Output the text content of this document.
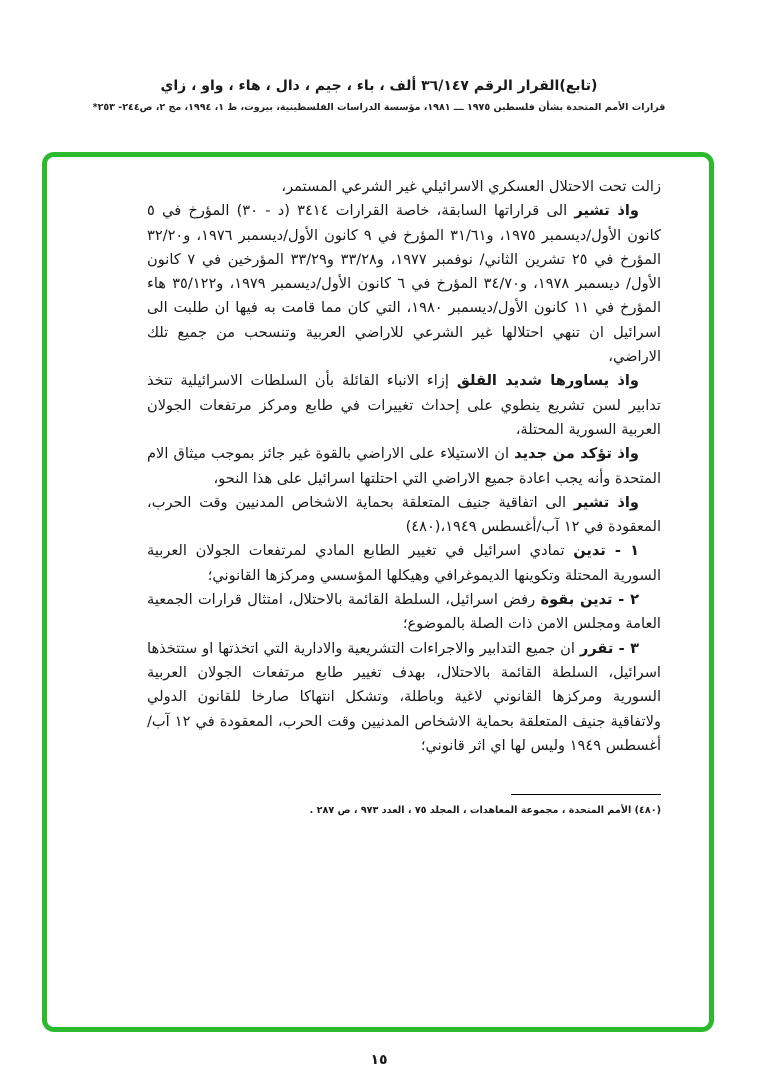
(تابع)القرار الرقم ٣٦/١٤٧ ألف ، باء ، جيم ، دال ، هاء ، واو ، زاي
قرارات الأمم المتحدة بشأن فلسطين ١٩٧٥ ـــ ١٩٨١، مؤسسة الدراسات الفلسطينية، بيروت، ط ١، ١٩٩٤، مج ٢، ص٢٤٤- ٢٥٣*

زالت تحت الاحتلال العسكري الاسرائيلي غير الشرعي المستمر،

واذ تشير الى قراراتها السابقة، خاصة القرارات ٣٤١٤ (د - ٣٠) المؤرخ في ٥ كانون الأول/ديسمبر ١٩٧٥، و٣١/٦١ المؤرخ في ٩ كانون الأول/ديسمبر ١٩٧٦، و٣٢/٢٠ المؤرخ في ٢٥ تشرين الثاني/ نوفمبر ١٩٧٧، و٣٣/٢٨ و٣٣/٢٩ المؤرخين في ٧ كانون الأول/ ديسمبر ١٩٧٨، و٣٤/٧٠ المؤرخ في ٦ كانون الأول/ديسمبر ١٩٧٩، و٣٥/١٢٢ هاء المؤرخ في ١١ كانون الأول/ديسمبر ١٩٨٠، التي كان مما قامت به فيها ان طلبت الى اسرائيل ان تنهي احتلالها غير الشرعي للاراضي العربية وتنسحب من جميع تلك الاراضي،

واذ يساورها شديد القلق إزاء الانباء القائلة بأن السلطات الاسرائيلية تتخذ تدابير لسن تشريع ينطوي على إحداث تغييرات في طابع ومركز مرتفعات الجولان العربية السورية المحتلة،

واذ تؤكد من جديد ان الاستيلاء على الاراضي بالقوة غير جائز بموجب ميثاق الام المتحدة وأنه يجب اعادة جميع الاراضي التي احتلتها اسرائيل على هذا النحو،

واذ تشير الى اتفاقية جنيف المتعلقة بحماية الاشخاص المدنيين وقت الحرب، المعقودة في ١٢ آب/أغسطس ١٩٤٩،(٤٨٠)

١ - تدين تمادي اسرائيل في تغيير الطابع المادي لمرتفعات الجولان العربية السورية المحتلة وتكوينها الديموغرافي وهيكلها المؤسسي ومركزها القانوني؛

٢ - تدين بقوة رفض اسرائيل، السلطة القائمة بالاحتلال، امتثال قرارات الجمعية العامة ومجلس الامن ذات الصلة بالموضوع؛

٣ - تقرر ان جميع التدابير والاجراءات التشريعية والادارية التي اتخذتها او ستتخذها اسرائيل، السلطة القائمة بالاحتلال، بهدف تغيير طابع مرتفعات الجولان العربية السورية ومركزها القانوني لاغية وباطلة، وتشكل انتهاكا صارخا للقانون الدولي ولاتفاقية جنيف المتعلقة بحماية الاشخاص المدنيين وقت الحرب، المعقودة في ١٢ آب/أغسطس ١٩٤٩ وليس لها اي اثر قانوني؛

(٤٨٠) الأمم المتحدة ، مجموعة المعاهدات ، المجلد ٧٥ ، العدد ٩٧٣ ، ص ٢٨٧ .
١٥
